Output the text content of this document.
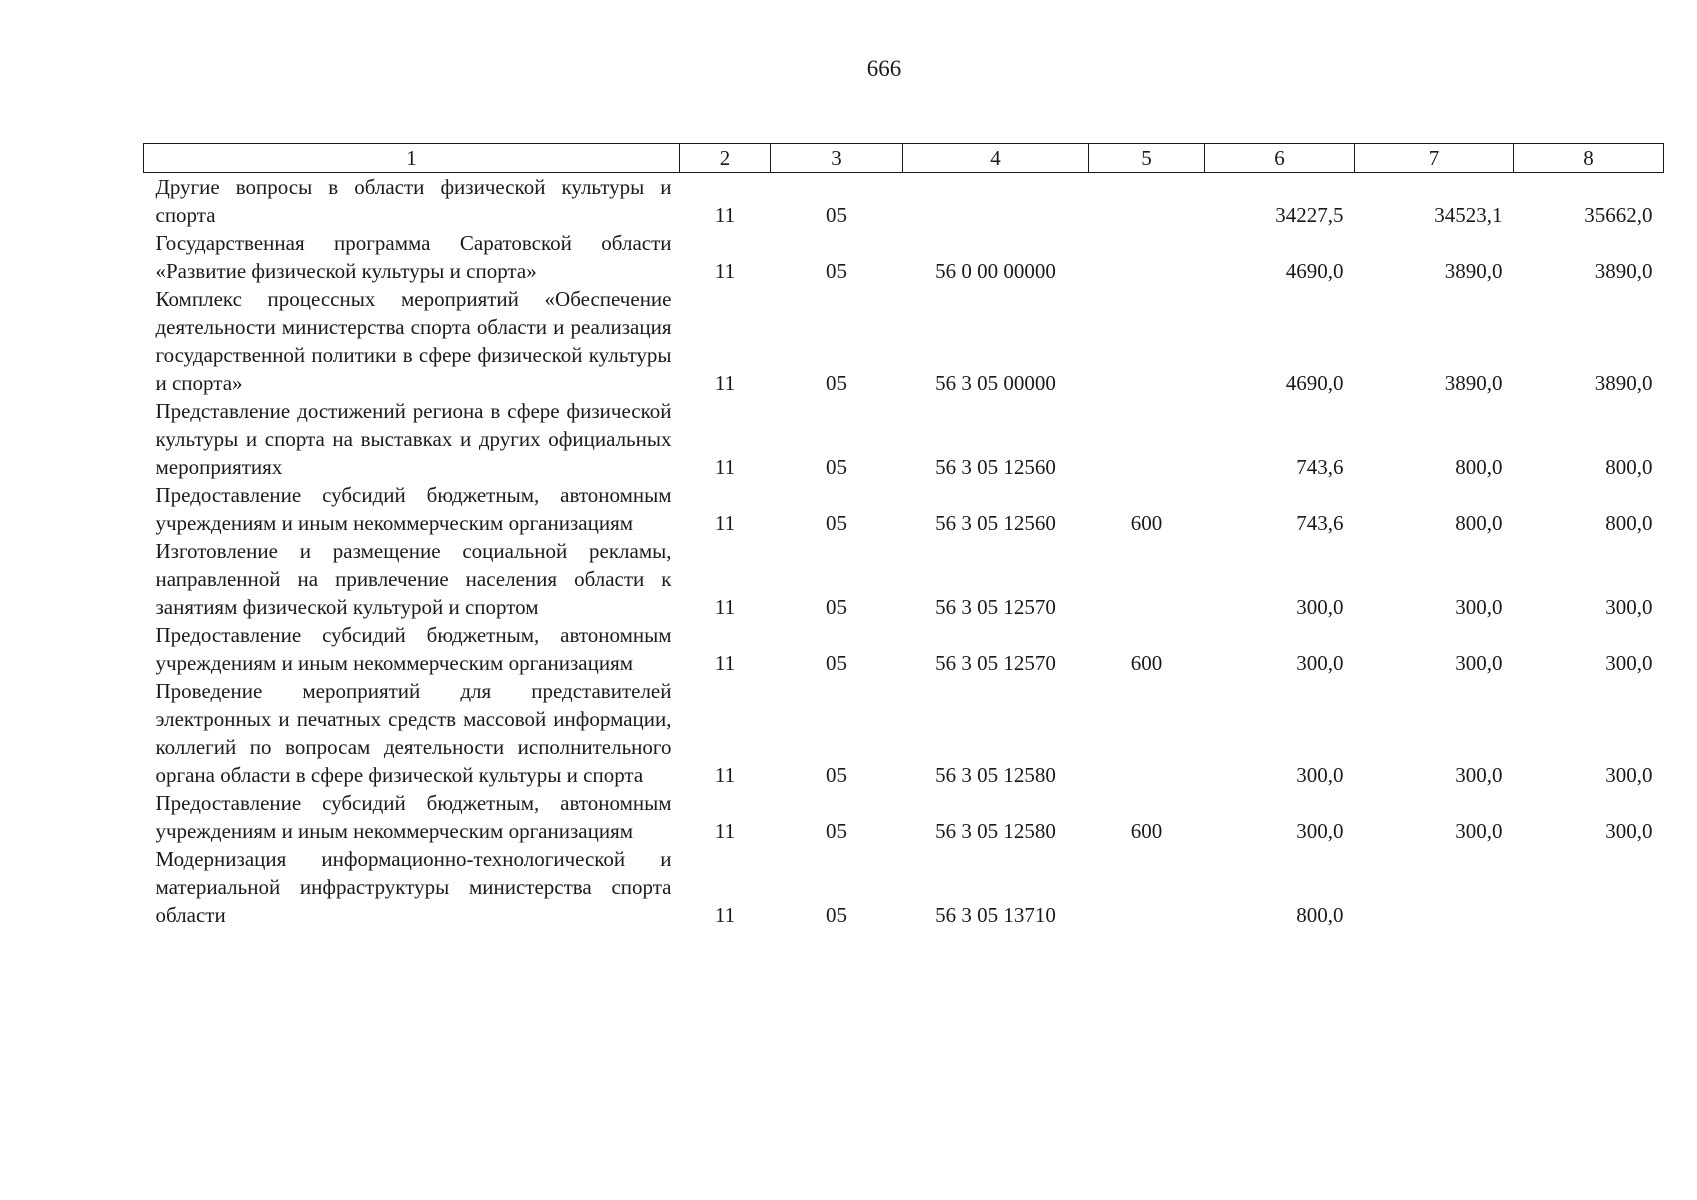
666
1	2	3	4	5	6	7	8
Другие вопросы в области физической культуры и спорта	11	05			34227,5	34523,1	35662,0
Государственная программа Саратовской области «Развитие физической культуры и спорта»	11	05	56 0 00 00000		4690,0	3890,0	3890,0
Комплекс процессных мероприятий «Обеспечение деятельности министерства спорта области и реализация государственной политики в сфере физической культуры и спорта»	11	05	56 3 05 00000		4690,0	3890,0	3890,0
Представление достижений региона в сфере физической культуры и спорта на выставках и других официальных мероприятиях	11	05	56 3 05 12560		743,6	800,0	800,0
Предоставление субсидий бюджетным, автономным учреждениям и иным некоммерческим организациям	11	05	56 3 05 12560	600	743,6	800,0	800,0
Изготовление и размещение социальной рекламы, направленной на привлечение населения области к занятиям физической культурой и спортом	11	05	56 3 05 12570		300,0	300,0	300,0
Предоставление субсидий бюджетным, автономным учреждениям и иным некоммерческим организациям	11	05	56 3 05 12570	600	300,0	300,0	300,0
Проведение мероприятий для представителей электронных и печатных средств массовой информации, коллегий по вопросам деятельности исполнительного органа области в сфере физической культуры и спорта	11	05	56 3 05 12580		300,0	300,0	300,0
Предоставление субсидий бюджетным, автономным учреждениям и иным некоммерческим организациям	11	05	56 3 05 12580	600	300,0	300,0	300,0
Модернизация информационно-технологической и материальной инфраструктуры министерства спорта области	11	05	56 3 05 13710		800,0		
